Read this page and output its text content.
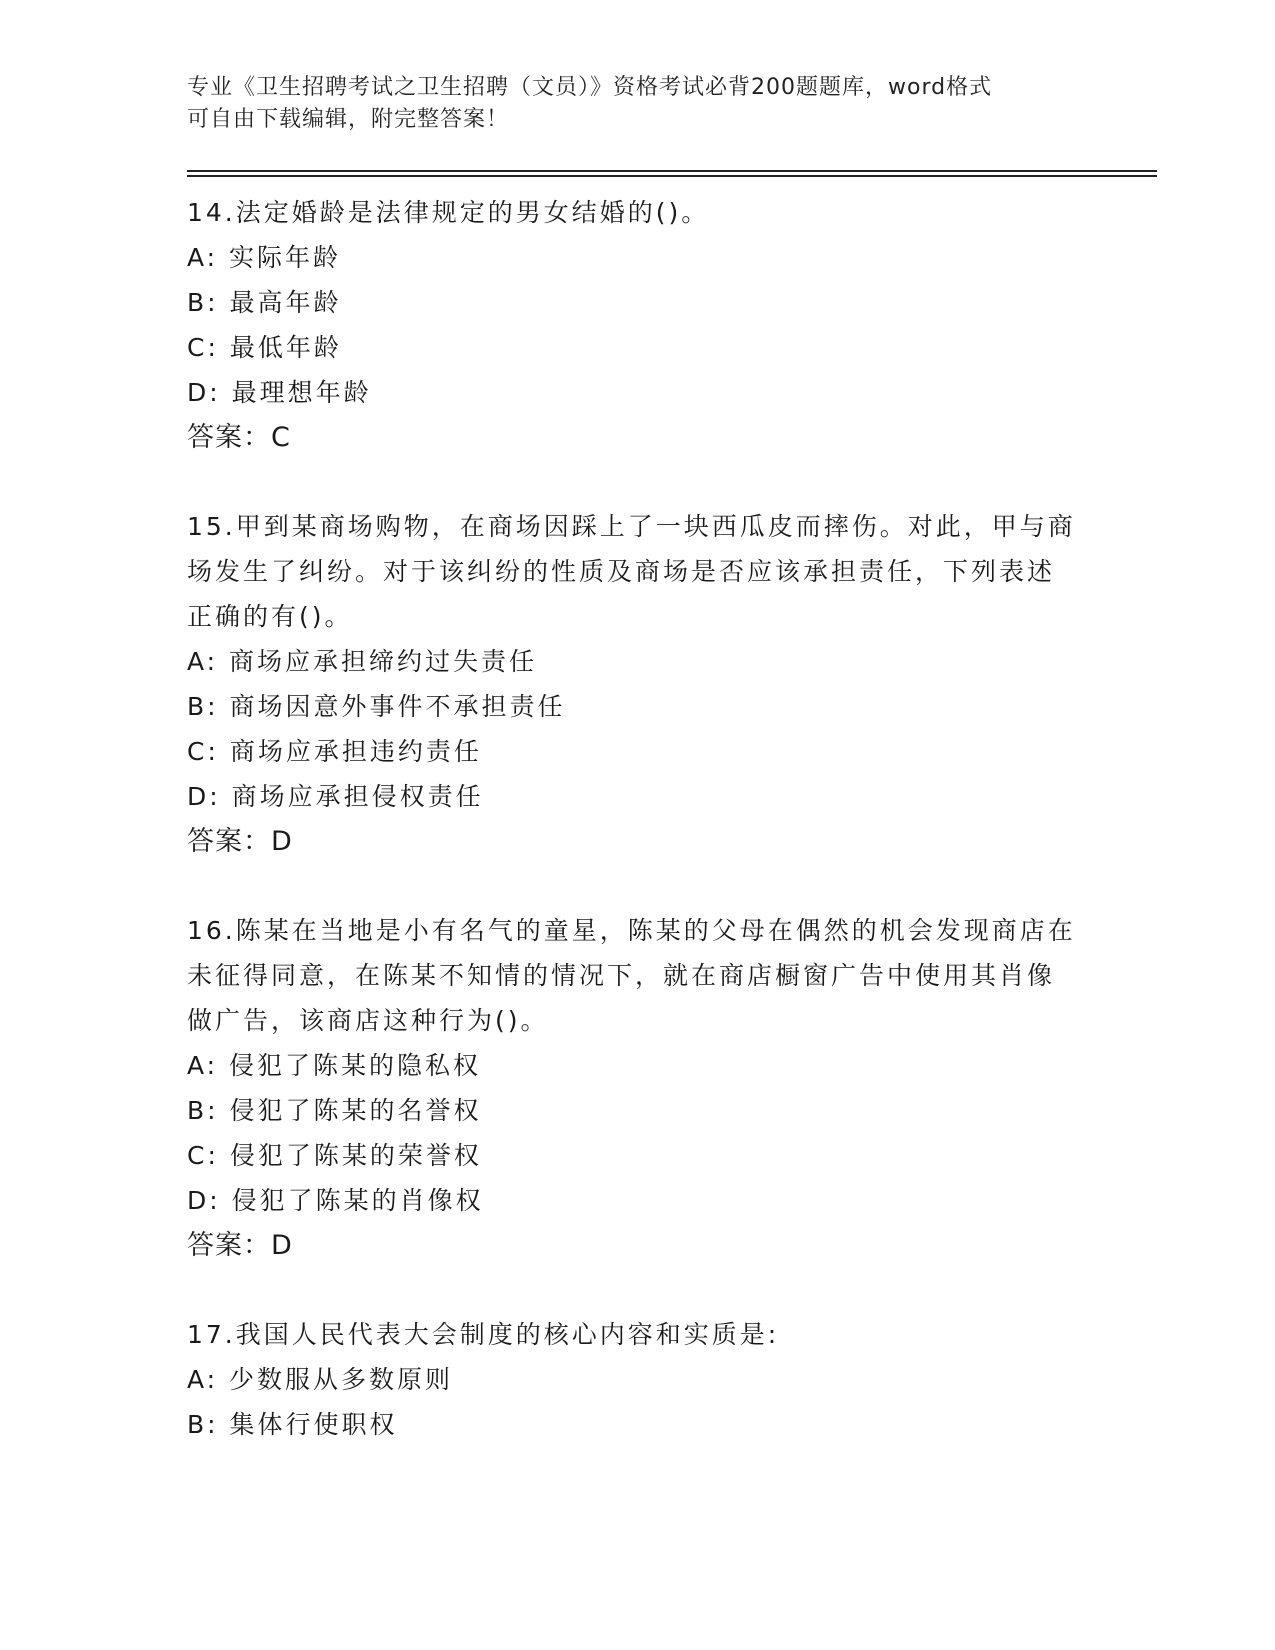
专业《卫生招聘考试之卫生招聘（文员）》资格考试必背200题题库，word格式
可自由下载编辑，附完整答案！

14.法定婚龄是法律规定的男女结婚的()。

A: 实际年龄

B: 最高年龄

C: 最低年龄

D: 最理想年龄

答案：C

15.甲到某商场购物，在商场因踩上了一块西瓜皮而摔伤。对此，甲与商场发生了纠纷。对于该纠纷的性质及商场是否应该承担责任，下列表述正确的有()。

A: 商场应承担缔约过失责任

B: 商场因意外事件不承担责任

C: 商场应承担违约责任

D: 商场应承担侵权责任

答案：D

16.陈某在当地是小有名气的童星，陈某的父母在偶然的机会发现商店在未征得同意，在陈某不知情的情况下，就在商店橱窗广告中使用其肖像做广告，该商店这种行为()。

A: 侵犯了陈某的隐私权

B: 侵犯了陈某的名誉权

C: 侵犯了陈某的荣誉权

D: 侵犯了陈某的肖像权

答案：D

17.我国人民代表大会制度的核心内容和实质是:

A: 少数服从多数原则

B: 集体行使职权
